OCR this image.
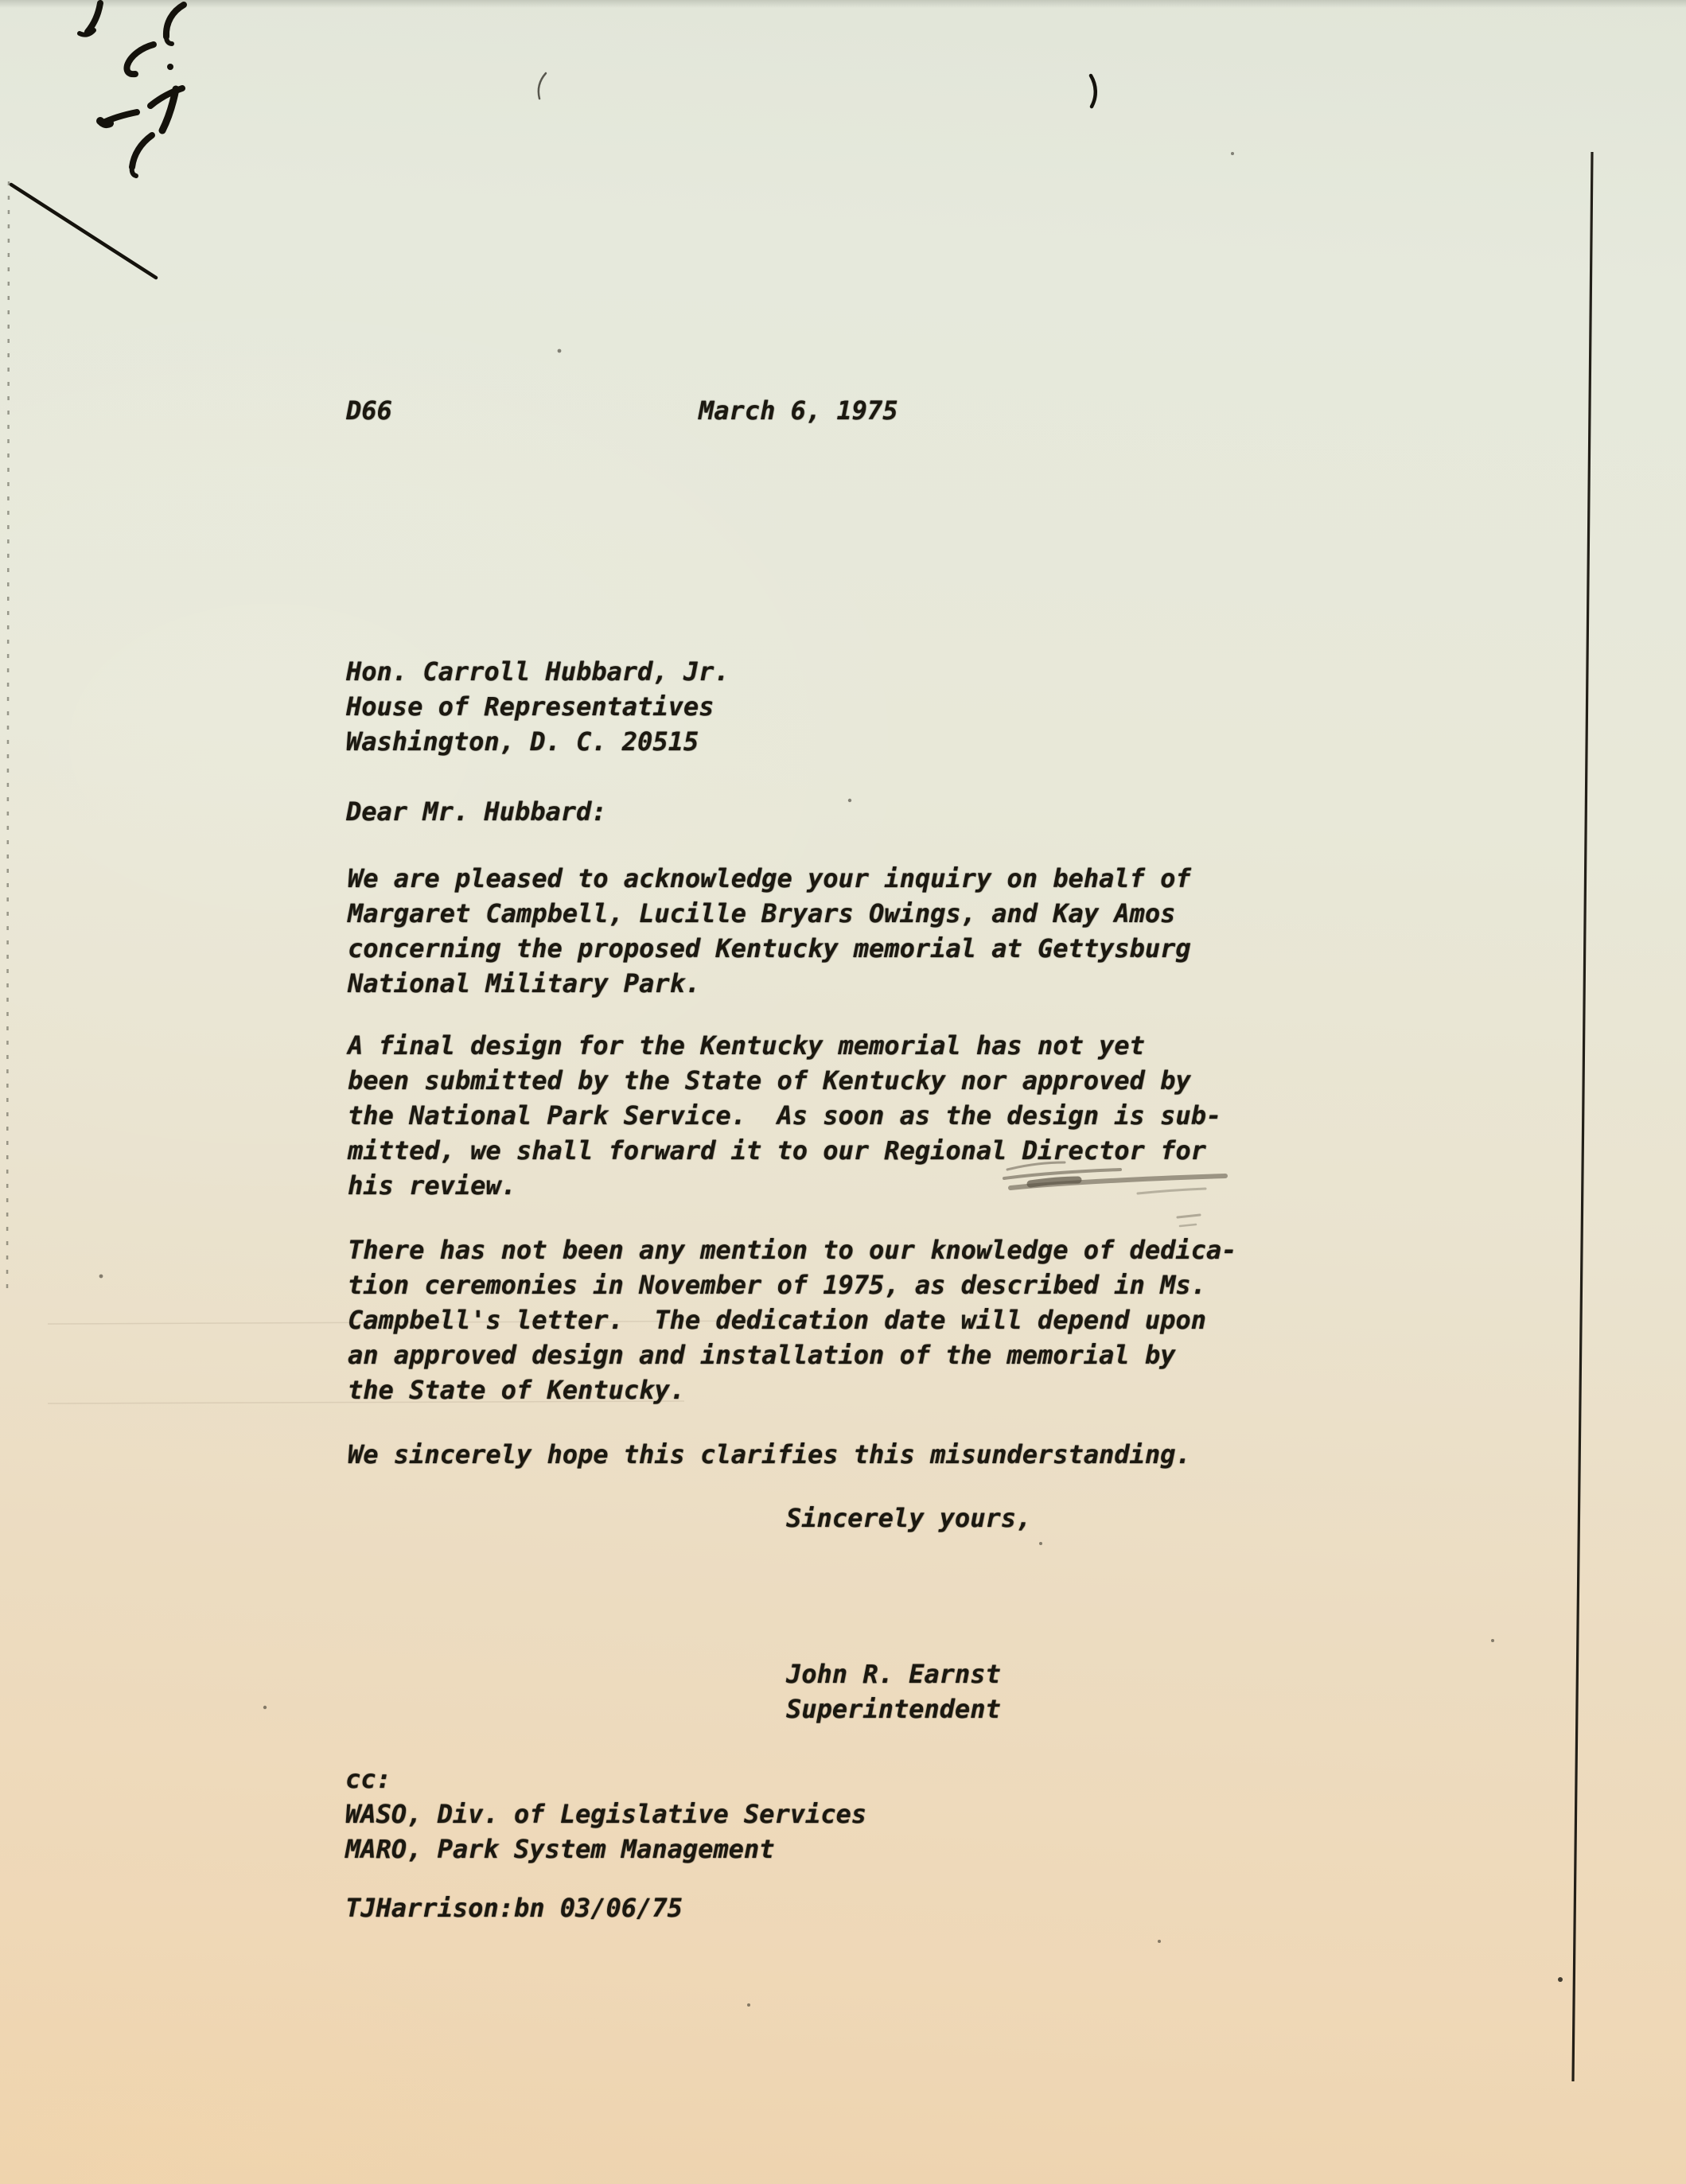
D66	March 6, 1975
Hon. Carroll Hubbard, Jr.
House of Representatives
Washington, D. C. 20515
Dear Mr. Hubbard:
We are pleased to acknowledge your inquiry on behalf of
Margaret Campbell, Lucille Bryars Owings, and Kay Amos
concerning the proposed Kentucky memorial at Gettysburg
National Military Park.
A final design for the Kentucky memorial has not yet
been submitted by the State of Kentucky nor approved by
the National Park Service.  As soon as the design is sub-
mitted, we shall forward it to our Regional Director for
his review.
There has not been any mention to our knowledge of dedica-
tion ceremonies in November of 1975, as described in Ms.
Campbell's letter.  The dedication date will depend upon
an approved design and installation of the memorial by
the State of Kentucky.
We sincerely hope this clarifies this misunderstanding.
Sincerely yours,
John R. Earnst
Superintendent
cc:
WASO, Div. of Legislative Services
MARO, Park System Management
TJHarrison:bn 03/06/75
